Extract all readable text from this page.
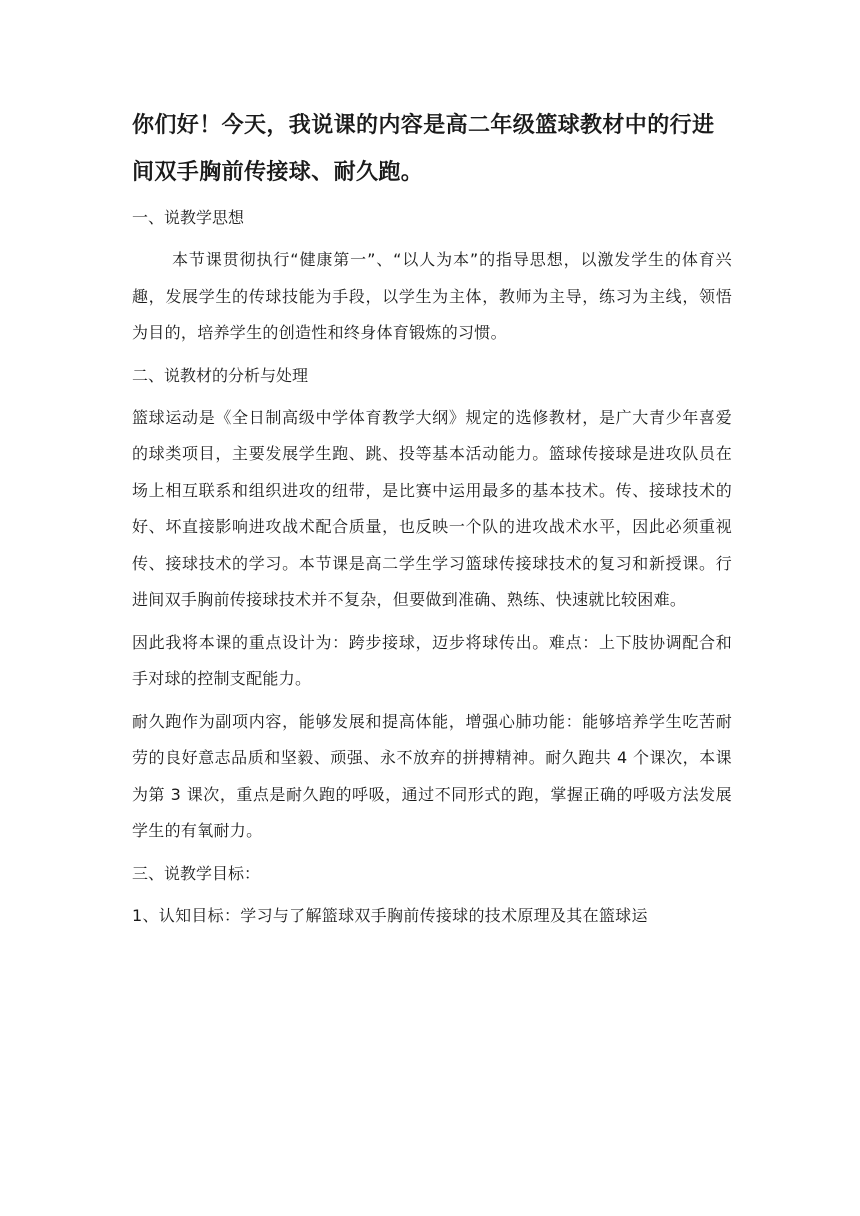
你们好！今天，我说课的内容是高二年级篮球教材中的行进间双手胸前传接球、耐久跑。
一、说教学思想
本节课贯彻执行“健康第一”、“以人为本”的指导思想，以激发学生的体育兴趣，发展学生的传球技能为手段，以学生为主体，教师为主导，练习为主线，领悟为目的，培养学生的创造性和终身体育锻炼的习惯。
二、说教材的分析与处理
篮球运动是《全日制高级中学体育教学大纲》规定的选修教材，是广大青少年喜爱的球类项目，主要发展学生跑、跳、投等基本活动能力。篮球传接球是进攻队员在场上相互联系和组织进攻的纽带，是比赛中运用最多的基本技术。传、接球技术的好、坏直接影响进攻战术配合质量，也反映一个队的进攻战术水平，因此必须重视传、接球技术的学习。本节课是高二学生学习篮球传接球技术的复习和新授课。行进间双手胸前传接球技术并不复杂，但要做到准确、熟练、快速就比较困难。
因此我将本课的重点设计为：跨步接球，迈步将球传出。难点：上下肢协调配合和手对球的控制支配能力。
耐久跑作为副项内容，能够发展和提高体能，增强心肺功能：能够培养学生吃苦耐劳的良好意志品质和坚毅、顽强、永不放弃的拼搏精神。耐久跑共 4 个课次，本课为第 3 课次，重点是耐久跑的呼吸，通过不同形式的跑，掌握正确的呼吸方法发展学生的有氧耐力。
三、说教学目标：
1、认知目标：学习与了解篮球双手胸前传接球的技术原理及其在篮球运
